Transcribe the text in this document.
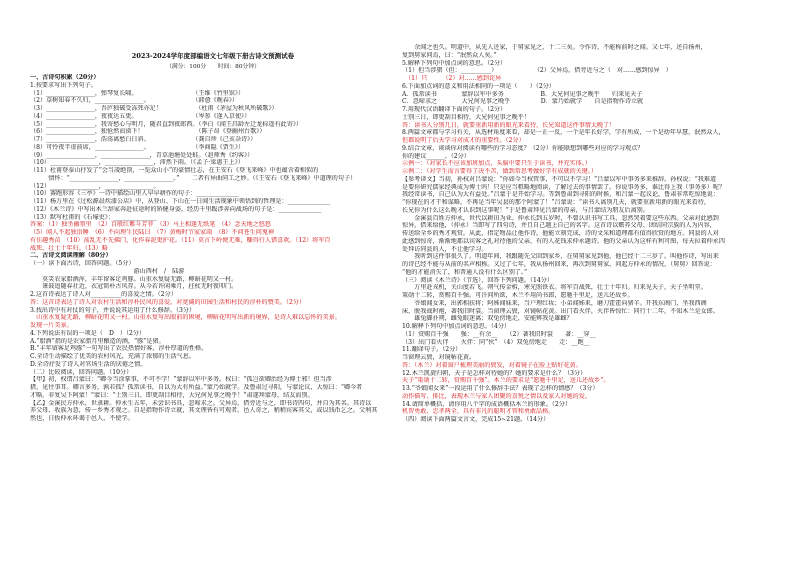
2023-2024学年度部编语文七年级下册古诗文预测试卷
（满分：100分　　时间：80分钟）
一、古诗句积累（20分）
1.按要求写出下列句子。
（1）________________，弹琴复长啸。　　　　　　　　　　（王维《竹里馆》）
（2）草树知春不久归，________________。　　　　　　　　（韩愈《晚春》）
（3）________________，吾庐独破受冻死亦足！　　　　　　（杜甫《茅屋为秋风所破歌》）
（4）________________，夜夜达五更。　　　　　　　　　　（岑参《逢入京使》）
（5）________________，我寄愁心与明月，随君直到夜郎西。（李白《闻王昌龄左迁龙标遥有此寄》）
（6）________________，独怆然而涕下！　　　　　　　　　（陈子昂《登幽州台歌》）
（7）________________，浩荡离愁白日斜。　　　　　　　　（龚自珍《己亥杂诗》）
（8）可怜夜半虚前席，________________。　　　　　　　　（李商隐《贾生》）
（9）________________，________________，青草池塘处处蛙。（赵师秀《约客》）
（10）________________，________________，沛然下雨。（《孟子·梁惠王上》）
（11）杜甫登泰山抒发了“会当凌绝顶，一览众山小”的豪情壮志，在王安石《登飞来峰》中也蕴含着相似的
　　　情怀：“________________，________________。”　　二者有异曲同工之妙。（《王安石《登飞来峰》中道理的句子）
（12）________________，________________。
（10）赛跑形容《三亭》一诗中描绘山里人早早耕作的句子：______________
（11）杨万里在《过松源晨炊漆公店》中，从登山、下山在一日闻生活现象中领悟到的哲理是：______________
（12）《木兰诗》中写出木兰辞家奔赴征途时的矫健身姿，经历千里跋涉奔向战场的句子是：______________
（13）默写杜甫的《石壕吏》：______________
答案：（1）独坐幽篁里　（2）百般红紫斗芳菲　（3）马上相逢无纸笔　（4）念天地之悠悠
（5）闻人不起独语睡　（6）不向理生民陆曰　（7）黄梅时节家家雨　（8）不问苍生问鬼神
有佳趣秀苗　（10）荡乱无不先佛门，化作春泥更护花。（11）莫言下岭便无难，赚得行人错喜欢。（12）将军百
战死，壮士十年归。（13）略
二、古诗文阅读理解（80分）
（一）读下面古诗，回答问题。（5分）
　　　　　　　　　　　　　　　　　游山西村　/　陆游
　　莫笑农家腊酒浑，丰年留客足鸡豚。山重水复疑无路，柳暗花明又一村。
　　箫鼓追随春社近，衣冠简朴古风存。从今若许闲乘月，拄杖无时夜叩门。
2.这首诗表达了诗人对__________的喜爱之情。（2分）
答：这首诗表达了诗人对农村生活和淳朴民风的喜爱。对宽阔的田园生活和村民的淳朴的赞美。（2分）
3.找出诗中有对仗的句子，并说说其运用了什么修辞。（3分）
　山重水复疑无路，柳暗花明又一村。山重水复写出眼前的困境，柳暗花明写出新的境界，是诗人难以忘怀的美景。
发现一片美景。
4.下列说法有误的一项是（　D　）（2分）
A.“腊酒”指的是农家腊月里酿造的酒，“豚”是猪。
B.“丰年留客足鸡豚”一句写出了农民热情好客、淳朴厚道的性格。
C.全诗生动描绘了优美的农村风光，充满了浓郁的生活气息。
D.全诗抒发了诗人对官场生活的厌倦之情。
（二）比较阅读，回答问题。（10分）
【甲】初，权谓吕蒙曰：“卿今当涂掌事，不可不学！”蒙辞以军中多务。权曰：“孤岂欲卿治经为博士邪！但当涉
猎，见往事耳。卿言多务，孰若孤？孤常读书，自以为大有所益。”蒙乃始就学。及鲁肃过寻阳，与蒙论议，大惊曰：“卿今者
才略，非复吴下阿蒙！”蒙曰：“士别三日，即更刮目相待，大兄何见事之晚乎！”肃遂拜蒙母，结友而别。
【乙】金溪民方仲永，世隶耕。仲永生五年，未尝识书具，忽啼求之。父异焉，借旁近与之，即书诗四句，并自为其名。其诗以
养父母、收族为意，传一乡秀才观之。自是指物作诗立就，其文理皆有可观者。邑人奇之，稍稍宾客其父，或以钱币乞之。父利其
然也，日扳仲永环谒于邑人，不使学。
　　余闻之也久。明道中，从先人还家，于舅家见之，十二三矣。令作诗，不能称前时之闻。又七年，还自扬州，
复到舅家问焉，曰：“泯然众人矣。”
5.解释下列句中加点词的意思。（2分）
（1）但当涉猎（但：__________）　　　　　　　（2）父异焉，借旁近与之（　对……感到惊异　）
　（1）只　　　（2）对……感到诧异
6.下面加点词的意义和用法相同的一项是（　　）（2分）
A．孤常读书　　　　蒙辞以军中多务　　　　　　B．大兄何见事之晚乎　　归来见天子
C．忽啼求之　　　　大兄何见事之晚乎　　　　　D．蒙乃始就学　　自是指物作诗立就
7.用现代汉语翻译下面的句子。（2分）
士别三日，即更刮目相待，大兄何见事之晚乎！
答：读书人分别几日，就要重新用新的眼光来看待，长兄知道这件事情太晚了！
8.两篇文章都与学习有关，从选材角度来看，却是一正一反，一个是年长好学，学有所成，一个是幼年早慧，泯然众人，
但都说明了后天学习对成才的重要性。（2分）
9.结合文章，谈谈你对阅读有哪些的学习态度？（2分）你能联想到哪些对应的学习观点？
你的建议______。（2分）
示例一：（对家长不应该加班加点，头脑中要只生于读书，并充实体。）
示例二：（对学生而言要得了决不苦，做到常思考做好学有成就的关键。）
【参考译文】当初，孙权对吕蒙说：“你如今当权管事，不可以不学习！”吕蒙以军中事务多来推辞。孙权说：“我难道
是要你研究儒家经典成为博士吗！只是应当粗略地阅读，了解过去的事情罢了。你说事务多，谁比得上我（事务多）呢？
我经常读书，自己认为大有益处。”吕蒙于是开始学习。等到鲁肃到寻阳的时候，和吕蒙一起议论，鲁肃非常吃惊地说：
“你现在的才干和谋略，不再是当年吴县的那个阿蒙了！”吕蒙说：“读书人离别几天，就要重新用新的眼光来看待，
长兄你为什么这么晚才认识到这事呢！”于是鲁肃拜见吕蒙的母亲，与吕蒙结为朋友后离别。
　　金溪县百姓方仲永，世代以耕田为业。仲永长到五岁时，不曾认识书写工具，忽然哭着要这些东西。父亲对此感到
惊异，借来给他，（仲永）当即写了四句诗，并且自己题上自己的名字。这首诗以赡养父母、团结同宗族的人为内容，
传送给全乡的秀才观赏。从此，指定物品让他作诗，他能立刻完成，诗的文采和道理都有值得欣赏的地方。同县的人对
此感到惊奇，渐渐地都以宾客之礼对待他的父亲，有的人花钱求仲永题诗。他的父亲认为这样有利可图，每天拉着仲永四
处拜访同县的人，不让他学习。
　　我听到这件事很久了。明道年间，我跟随先父回到家乡，在舅舅家见到他，他已经十二三岁了。叫他作诗，写出来
的诗已经不能与从前的名声相称。又过了七年，我从扬州回来，再次到舅舅家，问起方仲永的情况，（舅舅）回答说：
“他的才能消失了，和普通人没有什么区别了。”
（三）阅读《木兰诗》（节选），回答下列问题。（14分）
　　万里赴戎机，关山度若飞。朔气传金柝，寒光照铁衣。将军百战死，壮士十年归。归来见天子，天子坐明堂。
策勋十二转，赏赐百千强。可汗问所欲，木兰不用尚书郎，愿驰千里足，送儿还故乡。
　　爷娘闻女来，出郭相扶将；阿姊闻妹来，当户理红妆；小弟闻姊来，磨刀霍霍向猪羊。开我东阁门，坐我西阁
床，脱我战时袍，著我旧时裳。当窗理云鬓，对镜帖花黄。出门看火伴，火伴皆惊忙：同行十二年，不知木兰是女郎。
　　雄兔脚扑朔，雌兔眼迷离；双兔傍地走，安能辨我是雄雌？
10.解释下列句中加点词的意思。（4分）
（1）赏赐百千强　　强：__有余__　　（2）著我旧时裳　　著：__穿__
（3）出门看火伴　　火伴：同“伙”　（4）双兔傍地走　　走：__跑__
11.翻译句子。（2分）
当窗理云鬓，对镜帖花黄。
答：（木兰）对着窗户梳理美丽的鬓发，对着镜子在脸上贴好花黄。
12.木兰凯旋归朝，天子是怎样对待她的？她的要求是什么？（3分）
天子“策勋十二转，赏赐百千强”。木兰的要求是“愿驰千里足，送儿还故乡”。
13.“爷娘闻女来”一段运用了什么修辞手法？表现了怎样的情感？（3分）
动作描写、排比，表现木兰与家人团聚的喜悦之情以及家人对她的爱。
14.请简单概括，请你用八个字的成语概括木兰的形象。（2分）
机智勇敢、忠孝两全，具有非凡的聪明才智和勇敢品格。
（四）阅读下面两篇文言文，完成15~21题。（14分）
